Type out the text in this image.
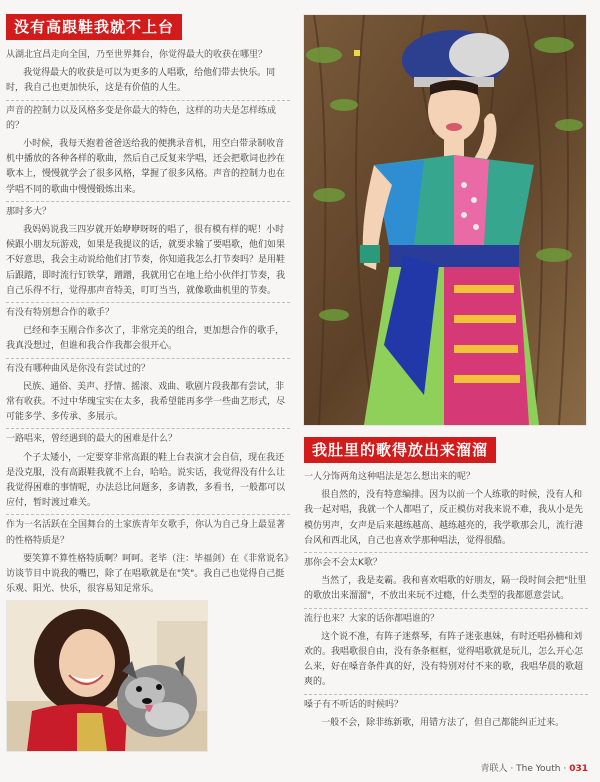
没有高跟鞋我就不上台

从湖北宜昌走向全国，乃至世界舞台，你觉得最大的收获在哪里？

我觉得最大的收获是可以为更多的人唱歌，给他们带去快乐。同时，我自己也更加快乐，这是有价值的人生。

声音的控制力以及风格多变是你最大的特色，这样的功夫是怎样练成的？

小时候，我每天抱着爸爸送给我的便携录音机，用空白带录制收音机中播放的各种各样的歌曲，然后自己反复来学唱，还会把歌词也抄在歌本上，慢慢就学会了很多风格，掌握了很多风格。声音的控制力也在学唱不同的歌曲中慢慢锻炼出来。

那时多大？

我妈妈说我三四岁就开始咿咿呀呀的唱了，很有模有样的呢！小时候跟小朋友玩游戏，如果是我提议的话，就要求输了要唱歌，他们如果不好意思，我会主动说给他们打节奏，你知道我怎么打节奏吗？是用鞋后跟踏，即时流行钉铁掌，蹭蹭，我就用它在地上给小伙伴打节奏，我自己乐得不行，觉得那声音特美，叮叮当当，就像歌曲机里的节奏。

有没有特别想合作的歌手？

已经和李玉刚合作多次了，非常完美的组合，更加想合作的歌手，我真没想过，但谁和我合作我都会很开心。

有没有哪种曲风是你没有尝试过的？

民族、通俗、美声、抒情、摇滚、戏曲、歌剧片段我都有尝试，非常有收获。不过中华瑰宝实在太多，我希望能再多学一些曲艺形式，尽可能多学、多传承、多展示。

一路唱来，曾经遇到的最大的困难是什么？

个子太矮小，一定要穿非常高跟的鞋上台表演才会自信，现在我还是没克服，没有高跟鞋我就不上台，哈哈。说实话，我觉得没有什么让我觉得困难的事情呢，办法总比问题多，多请教，多看书，一般都可以应付，暂时渡过难关。

作为一名活跃在全国舞台的土家族青年女歌手，你认为自己身上最显著的性格特质是？

要笑算不算性格特质啊？呵呵。老毕（注：毕福剑）在《非常说名》访谈节目中说我的嘴巴，除了在唱歌就是在"笑"。我自己也觉得自己挺乐观、阳光、快乐，很容易知足常乐。

我肚里的歌得放出来溜溜

一人分饰两角这种唱法是怎么想出来的呢？

很自然的，没有特意编排。因为以前一个人练歌的时候，没有人和我一起对唱，我就一个人都唱了，反正模仿对我来说不难，我从小是先模仿男声，女声是后来越练越高、越练越亮的，我学歌那会儿，流行港台风和西北风，自己也喜欢学那种唱法，觉得很酷。

那你会不会太K歌？

当然了，我是麦霸。我和喜欢唱歌的好朋友，隔一段时间会把"肚里的歌放出来溜溜"，不放出来玩不过瘾，什么类型的我都愿意尝试。

流行也来？大家的话你都唱谁的？

这个说不准，有阵子迷蔡琴，有阵子迷张惠妹，有时还唱孙楠和刘欢的。我唱歌很自由，没有条条框框，觉得唱歌就是玩儿，怎么开心怎么来，好在嗓音条件真的好，没有特别对付不来的歌，我唱华晨的歌超爽的。

嗓子有不听话的时候吗？

一般不会，除非练新歌，用错方法了，但自己都能纠正过来。

青联人 · The Youth · 031
